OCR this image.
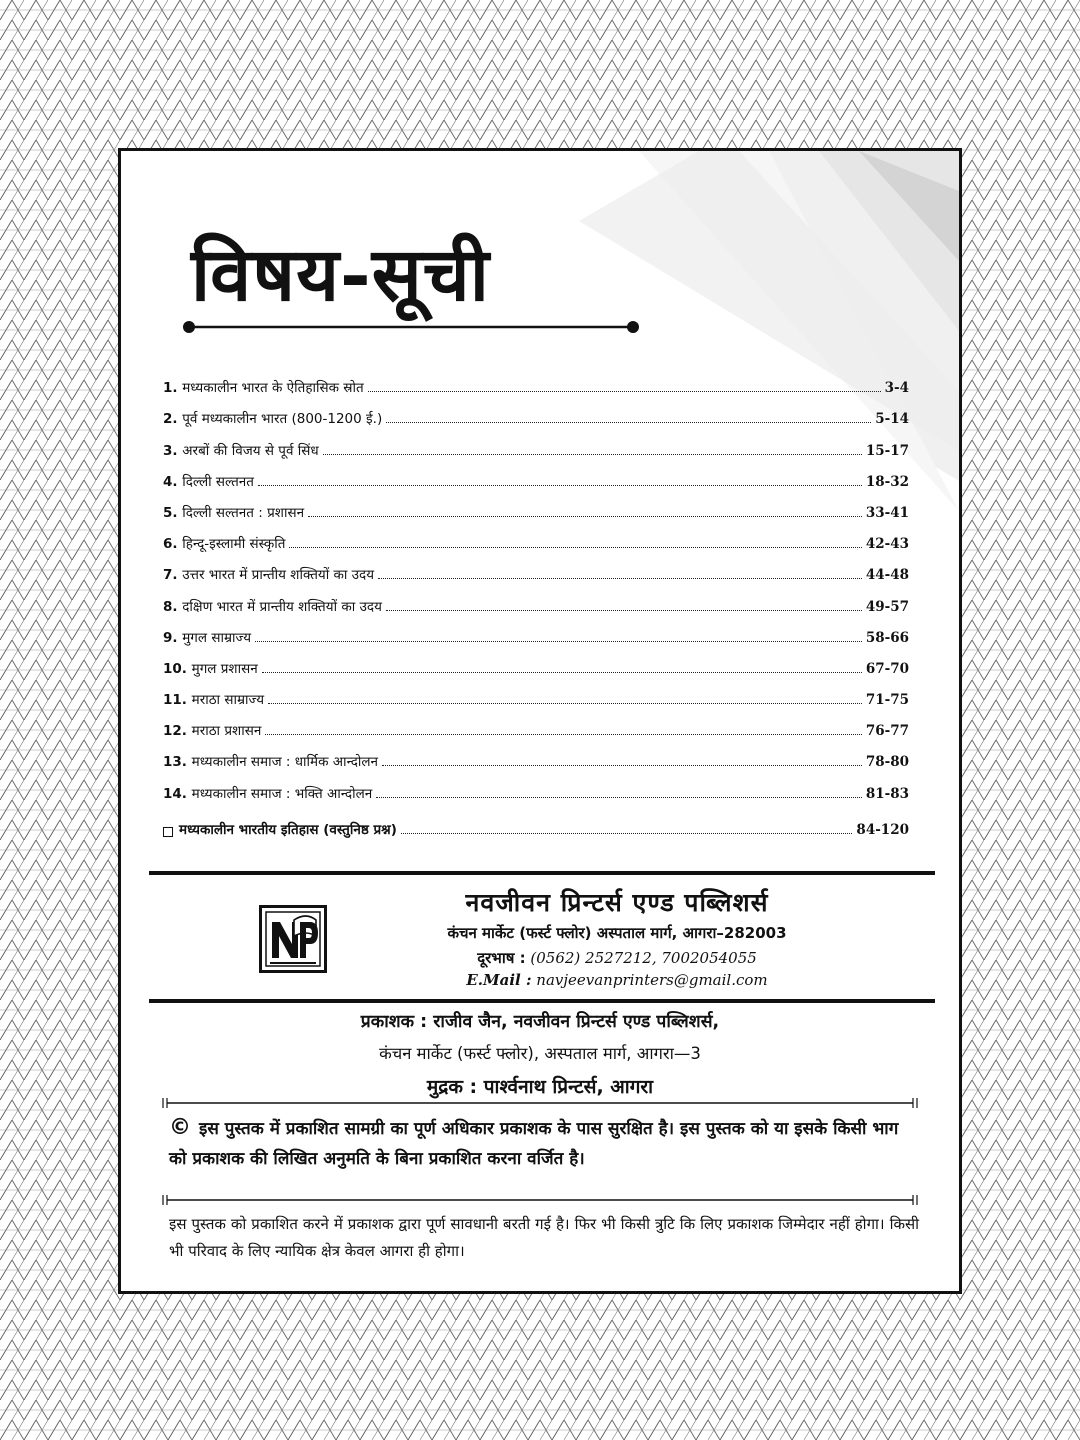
विषय-सूची
1. मध्यकालीन भारत के ऐतिहासिक स्रोत	3-4
2. पूर्व मध्यकालीन भारत (800-1200 ई.)	5-14
3. अरबों की विजय से पूर्व सिंध	15-17
4. दिल्ली सल्तनत	18-32
5. दिल्ली सल्तनत : प्रशासन	33-41
6. हिन्दू-इस्लामी संस्कृति	42-43
7. उत्तर भारत में प्रान्तीय शक्तियों का उदय	44-48
8. दक्षिण भारत में प्रान्तीय शक्तियों का उदय	49-57
9. मुगल साम्राज्य	58-66
10. मुगल प्रशासन	67-70
11. मराठा साम्राज्य	71-75
12. मराठा प्रशासन	76-77
13. मध्यकालीन समाज : धार्मिक आन्दोलन	78-80
14. मध्यकालीन समाज : भक्ति आन्दोलन	81-83
मध्यकालीन भारतीय इतिहास (वस्तुनिष्ठ प्रश्न)	84-120
नवजीवन प्रिन्टर्स एण्ड पब्लिशर्स
कंचन मार्केट (फर्स्ट फ्लोर) अस्पताल मार्ग, आगरा–282003
दूरभाष : (0562) 2527212, 7002054055
E.Mail : navjeevanprinters@gmail.com
प्रकाशक : राजीव जैन, नवजीवन प्रिन्टर्स एण्ड पब्लिशर्स,
कंचन मार्केट (फर्स्ट फ्लोर), अस्पताल मार्ग, आगरा—3
मुद्रक : पार्श्वनाथ प्रिन्टर्स, आगरा
© इस पुस्तक में प्रकाशित सामग्री का पूर्ण अधिकार प्रकाशक के पास सुरक्षित है। इस पुस्तक को या इसके किसी भाग को प्रकाशक की लिखित अनुमति के बिना प्रकाशित करना वर्जित है।
इस पुस्तक को प्रकाशित करने में प्रकाशक द्वारा पूर्ण सावधानी बरती गई है। फिर भी किसी त्रुटि कि लिए प्रकाशक जिम्मेदार नहीं होगा। किसी भी परिवाद के लिए न्यायिक क्षेत्र केवल आगरा ही होगा।
